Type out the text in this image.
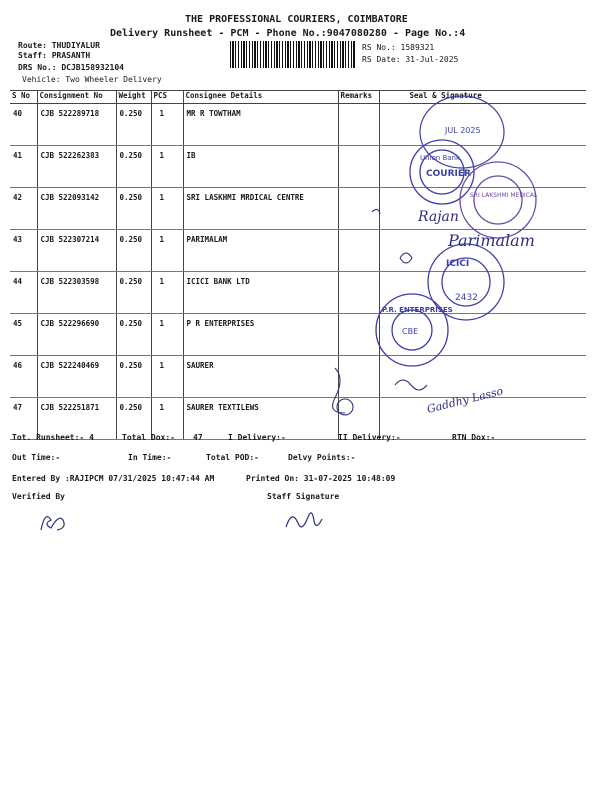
THE PROFESSIONAL COURIERS, COIMBATORE
Delivery Runsheet - PCM - Phone No.:9047080280 - Page No.:4
Route: THUDIYALUR
Staff: PRASANTH
DRS No.: DCJB158932104
Vehicle: Two Wheeler Delivery
RS No.: 1589321
RS Date: 31-Jul-2025
S No	Consignment No	Weight	PCS	Consignee Details	Remarks	Seal & Signature
40	CJB 522289718	0.250	1	MR R TOWTHAM		
41	CJB 522262383	0.250	1	IB		
42	CJB 522093142	0.250	1	SRI LASKHMI MRDICAL CENTRE		
43	CJB 522307214	0.250	1	PARIMALAM		
44	CJB 522303598	0.250	1	ICICI BANK LTD		
45	CJB 522296690	0.250	1	P R ENTERPRISES		
46	CJB 522240469	0.250	1	SAURER		
47	CJB 522251871	0.250	1	SAURER TEXTILEWS		
JUL 2025
Union Bank
COURIER
SRI LAKSHMI MEDICAL
ICICI
2432
P.R. ENTERPRISES
CBE
Rajan
Parimalam
Gaddhy Lasso
Tot. Runsheet:- 4	Total Dox:- 47	I Delivery:-	II Delivery:-	RTN Dox:-
Out Time:-	In Time:-	Total POD:-	Delvy Points:-
Entered By :RAJIPCM 07/31/2025 10:47:44 AM	Printed On: 31-07-2025 10:48:09
Verified By	Staff Signature
